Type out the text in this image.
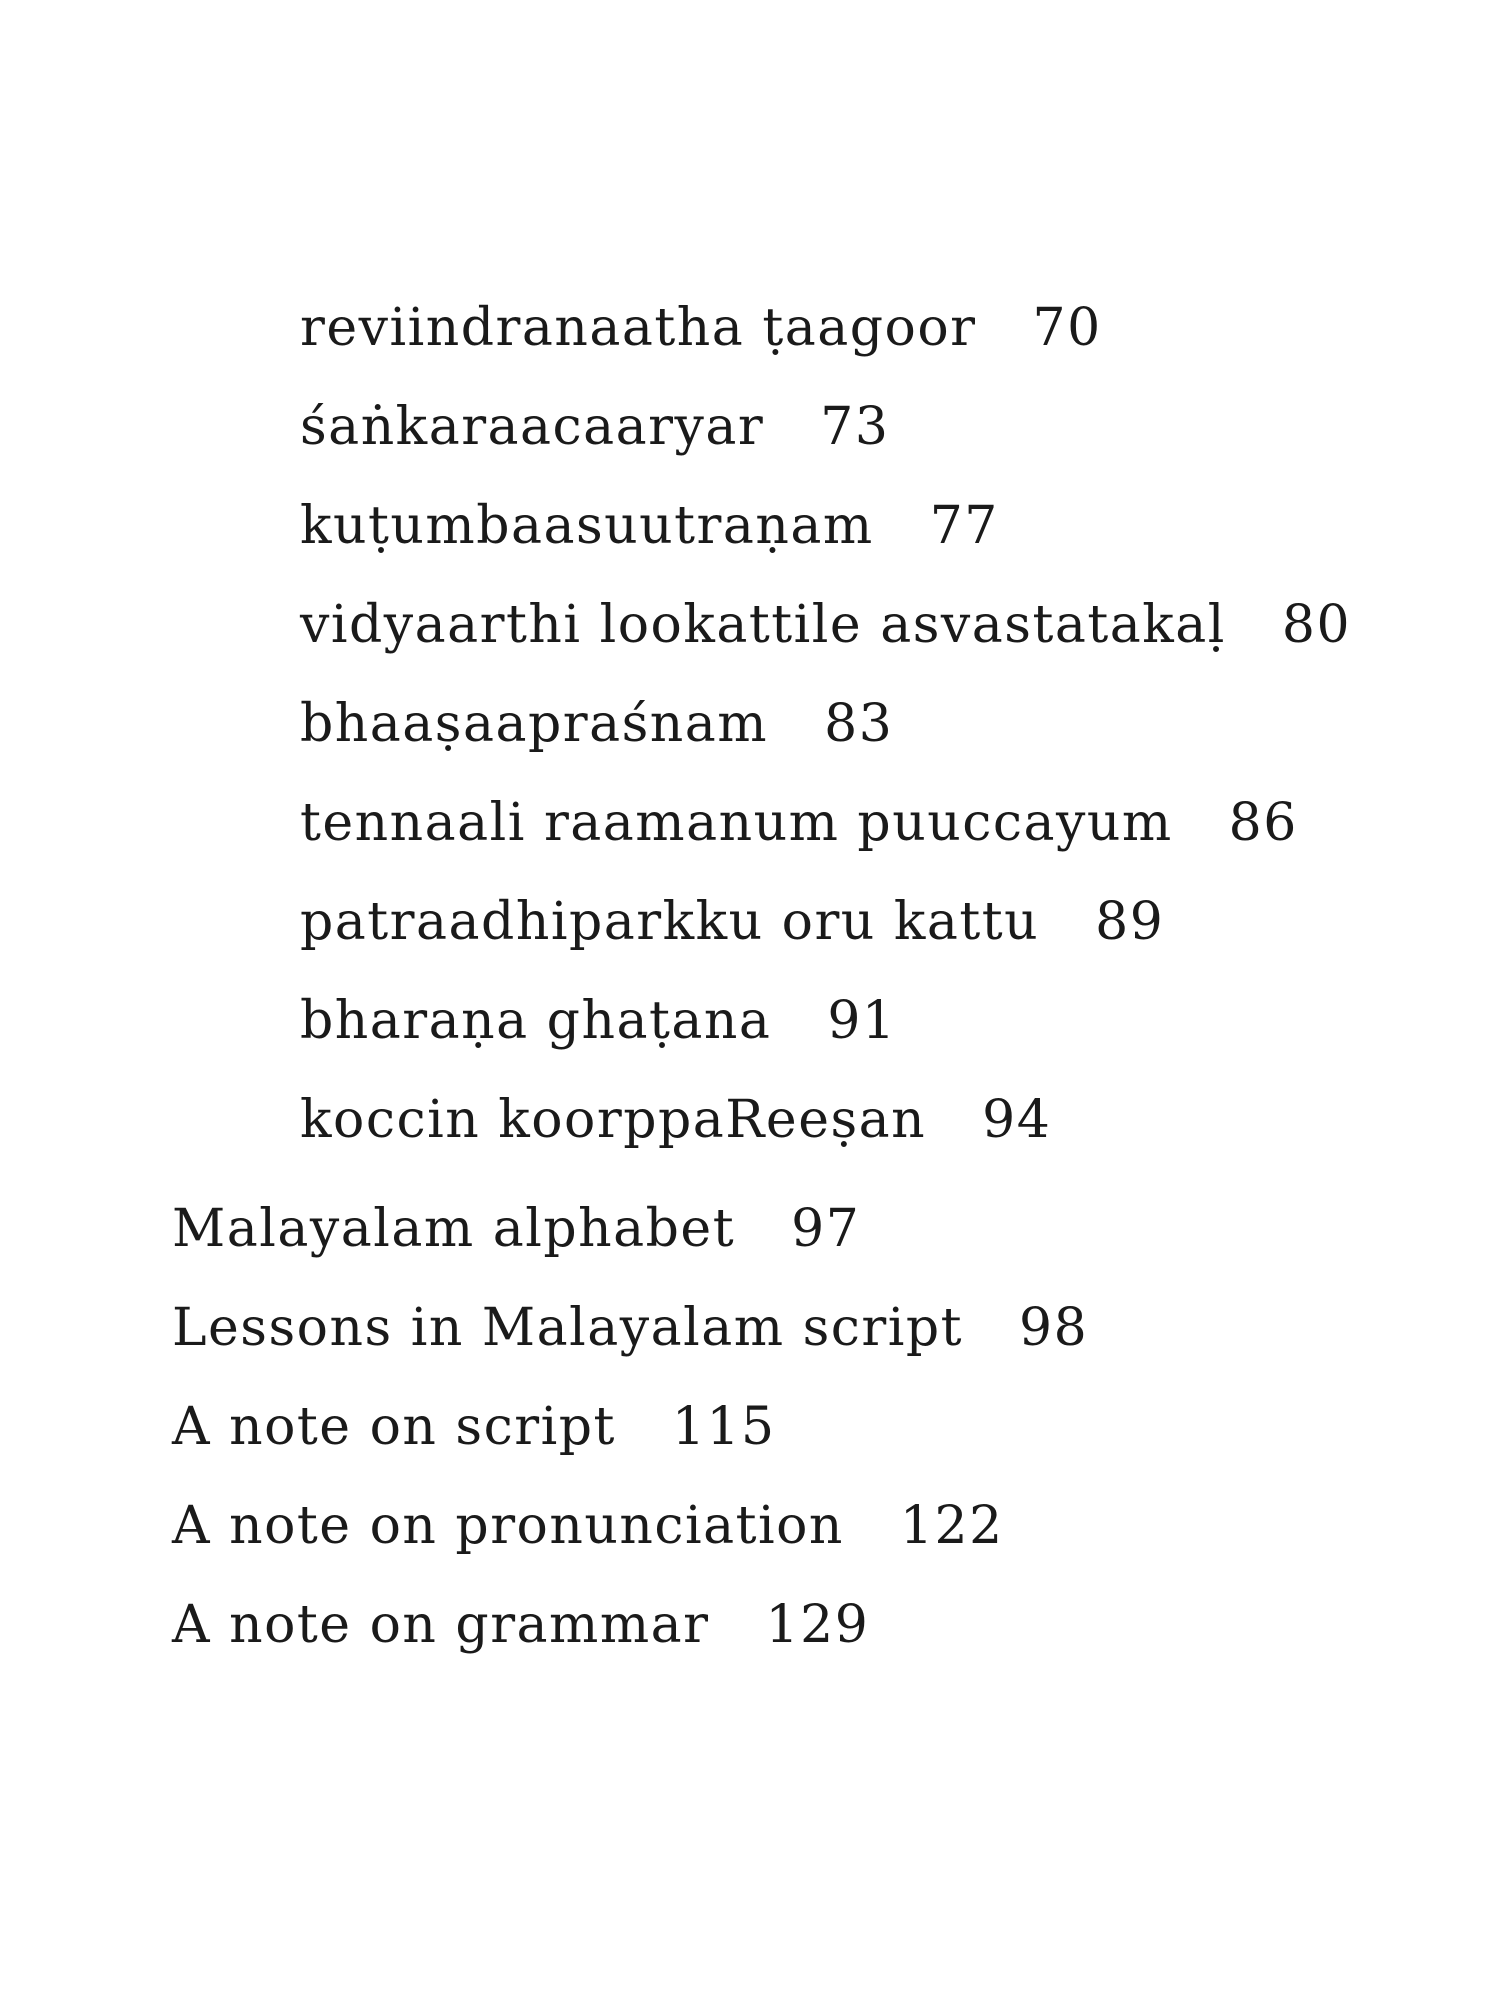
reviindranaatha ṭaagoor 70
śaṅkaraacaaryar 73
kuṭumbaasuutraṇam 77
vidyaarthi lookattile asvastatakaḷ 80
bhaaṣaapraśnam 83
tennaali raamanum puuccayum 86
patraadhiparkku oru kattu 89
bharaṇa ghaṭana 91
koccin koorppaReeṣan 94
Malayalam alphabet 97
Lessons in Malayalam script 98
A note on script 115
A note on pronunciation 122
A note on grammar 129
